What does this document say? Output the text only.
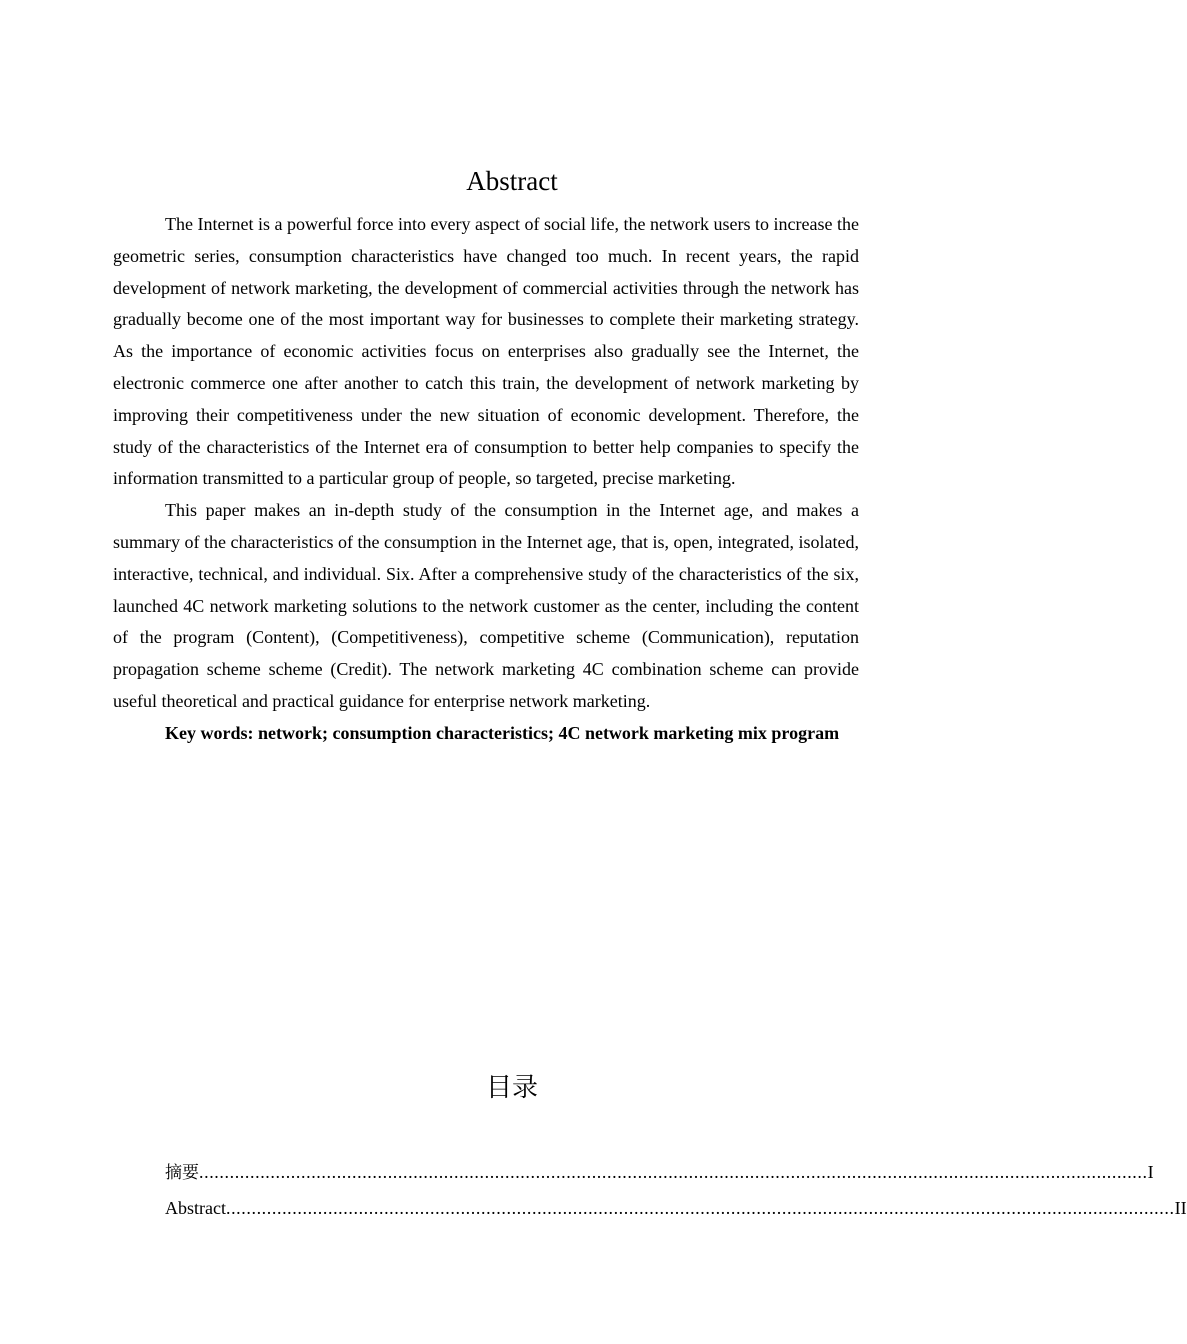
Abstract

The Internet is a powerful force into every aspect of social life, the network users to increase the geometric series, consumption characteristics have changed too much. In recent years, the rapid development of network marketing, the development of commercial activities through the network has gradually become one of the most important way for businesses to complete their marketing strategy. As the importance of economic activities focus on enterprises also gradually see the Internet, the electronic commerce one after another to catch this train, the development of network marketing by improving their competitiveness under the new situation of economic development. Therefore, the study of the characteristics of the Internet era of consumption to better help companies to specify the information transmitted to a particular group of people, so targeted, precise marketing.

This paper makes an in-depth study of the consumption in the Internet age, and makes a summary of the characteristics of the consumption in the Internet age, that is, open, integrated, isolated, interactive, technical, and individual. Six. After a comprehensive study of the characteristics of the six, launched 4C network marketing solutions to the network customer as the center, including the content of the program (Content), (Competitiveness), competitive scheme (Communication), reputation propagation scheme scheme (Credit). The network marketing 4C combination scheme can provide useful theoretical and practical guidance for enterprise network marketing.

Key words: network; consumption characteristics; 4C network marketing mix program

目录
摘要 .......................................................................................................................................................................................... I
Abstract .......................................................................................................................................................................................... II
